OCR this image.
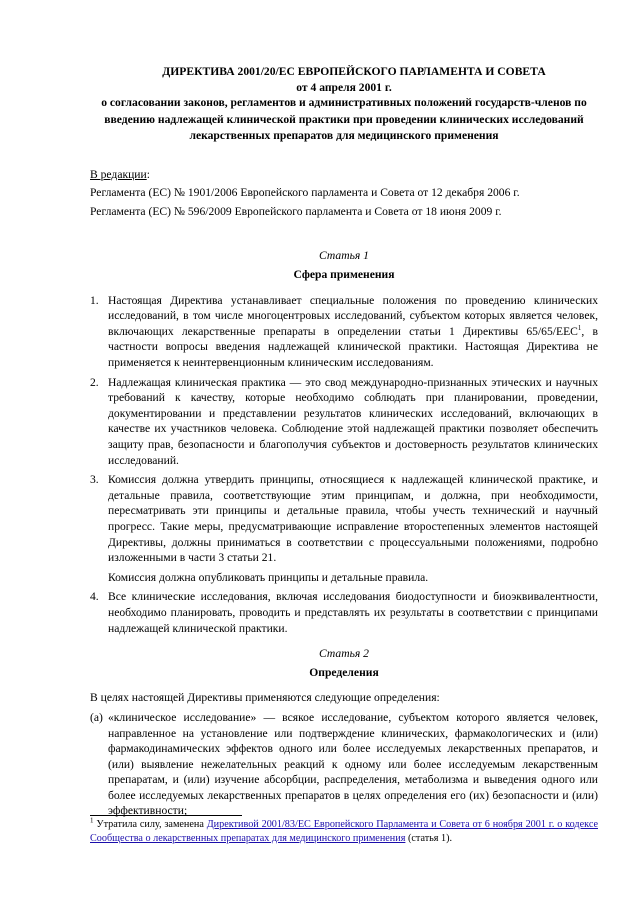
ДИРЕКТИВА 2001/20/ЕС ЕВРОПЕЙСКОГО ПАРЛАМЕНТА И СОВЕТА
от 4 апреля 2001 г.
о согласовании законов, регламентов и административных положений государств-членов по введению надлежащей клинической практики при проведении клинических исследований лекарственных препаратов для медицинского применения
В редакции:
Регламента (ЕС) № 1901/2006 Европейского парламента и Совета от 12 декабря 2006 г.
Регламента (ЕС) № 596/2009 Европейского парламента и Совета от 18 июня 2009 г.
Статья 1
Сфера применения
1. Настоящая Директива устанавливает специальные положения по проведению клинических исследований, в том числе многоцентровых исследований, субъектом которых является человек, включающих лекарственные препараты в определении статьи 1 Директивы 65/65/EEC$^1$, в частности вопросы введения надлежащей клинической практики. Настоящая Директива не применяется к неинтервенционным клиническим исследованиям.
2. Надлежащая клиническая практика — это свод международно-признанных этических и научных требований к качеству, которые необходимо соблюдать при планировании, проведении, документировании и представлении результатов клинических исследований, включающих в качестве их участников человека. Соблюдение этой надлежащей практики позволяет обеспечить защиту прав, безопасности и благополучия субъектов и достоверность результатов клинических исследований.
3. Комиссия должна утвердить принципы, относящиеся к надлежащей клинической практике, и детальные правила, соответствующие этим принципам, и должна, при необходимости, пересматривать эти принципы и детальные правила, чтобы учесть технический и научный прогресс. Такие меры, предусматривающие исправление второстепенных элементов настоящей Директивы, должны приниматься в соответствии с процессуальными положениями, подробно изложенными в части 3 статьи 21.

Комиссия должна опубликовать принципы и детальные правила.

4. Все клинические исследования, включая исследования биодоступности и биоэквивалентности, необходимо планировать, проводить и представлять их результаты в соответствии с принципами надлежащей клинической практики.
Статья 2
Определения
В целях настоящей Директивы применяются следующие определения:
(а) «клиническое исследование» — всякое исследование, субъектом которого является человек, направленное на установление или подтверждение клинических, фармакологических и (или) фармакодинамических эффектов одного или более исследуемых лекарственных препаратов, и (или) выявление нежелательных реакций к одному или более исследуемым лекарственным препаратам, и (или) изучение абсорбции, распределения, метаболизма и выведения одного или более исследуемых лекарственных препаратов в целях определения его (их) безопасности и (или) эффективности;
$^1$ Утратила силу, заменена Директивой 2001/83/ЕС Европейского Парламента и Совета от 6 ноября 2001 г. о кодексе Сообщества о лекарственных препаратах для медицинского применения (статья 1).
